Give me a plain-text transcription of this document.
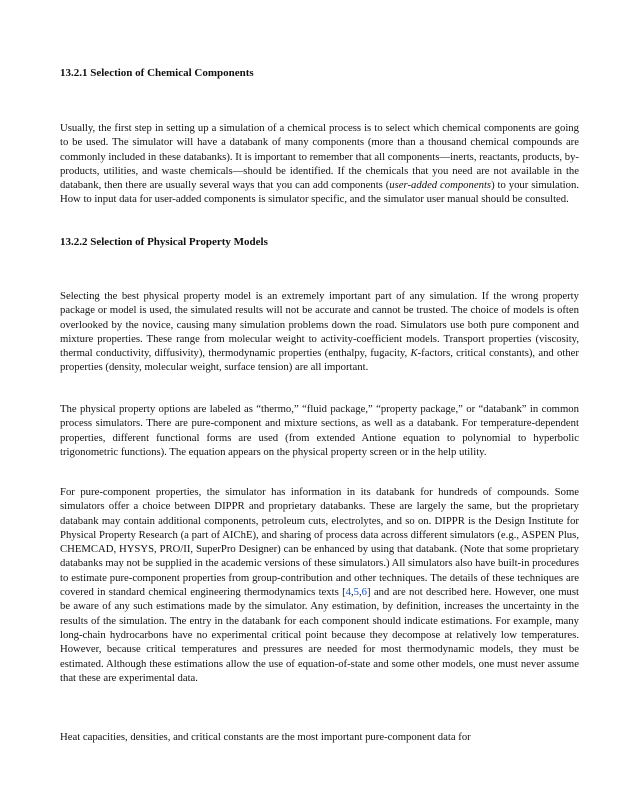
13.2.1 Selection of Chemical Components

Usually, the first step in setting up a simulation of a chemical process is to select which chemical components are going to be used. The simulator will have a databank of many components (more than a thousand chemical compounds are commonly included in these databanks). It is important to remember that all components—inerts, reactants, products, by-products, utilities, and waste chemicals—should be identified. If the chemicals that you need are not available in the databank, then there are usually several ways that you can add components (user-added components) to your simulation. How to input data for user-added components is simulator specific, and the simulator user manual should be consulted.

13.2.2 Selection of Physical Property Models

Selecting the best physical property model is an extremely important part of any simulation. If the wrong property package or model is used, the simulated results will not be accurate and cannot be trusted. The choice of models is often overlooked by the novice, causing many simulation problems down the road. Simulators use both pure component and mixture properties. These range from molecular weight to activity-coefficient models. Transport properties (viscosity, thermal conductivity, diffusivity), thermodynamic properties (enthalpy, fugacity, K-factors, critical constants), and other properties (density, molecular weight, surface tension) are all important.

The physical property options are labeled as “thermo,” “fluid package,” “property package,” or “databank” in common process simulators. There are pure-component and mixture sections, as well as a databank. For temperature-dependent properties, different functional forms are used (from extended Antione equation to polynomial to hyperbolic trigonometric functions). The equation appears on the physical property screen or in the help utility.

For pure-component properties, the simulator has information in its databank for hundreds of compounds. Some simulators offer a choice between DIPPR and proprietary databanks. These are largely the same, but the proprietary databank may contain additional components, petroleum cuts, electrolytes, and so on. DIPPR is the Design Institute for Physical Property Research (a part of AIChE), and sharing of process data across different simulators (e.g., ASPEN Plus, CHEMCAD, HYSYS, PRO/II, SuperPro Designer) can be enhanced by using that databank. (Note that some proprietary databanks may not be supplied in the academic versions of these simulators.) All simulators also have built-in procedures to estimate pure-component properties from group-contribution and other techniques. The details of these techniques are covered in standard chemical engineering thermodynamics texts [4,5,6] and are not described here. However, one must be aware of any such estimations made by the simulator. Any estimation, by definition, increases the uncertainty in the results of the simulation. The entry in the databank for each component should indicate estimations. For example, many long-chain hydrocarbons have no experimental critical point because they decompose at relatively low temperatures. However, because critical temperatures and pressures are needed for most thermodynamic models, they must be estimated. Although these estimations allow the use of equation-of-state and some other models, one must never assume that these are experimental data.

Heat capacities, densities, and critical constants are the most important pure-component data for
